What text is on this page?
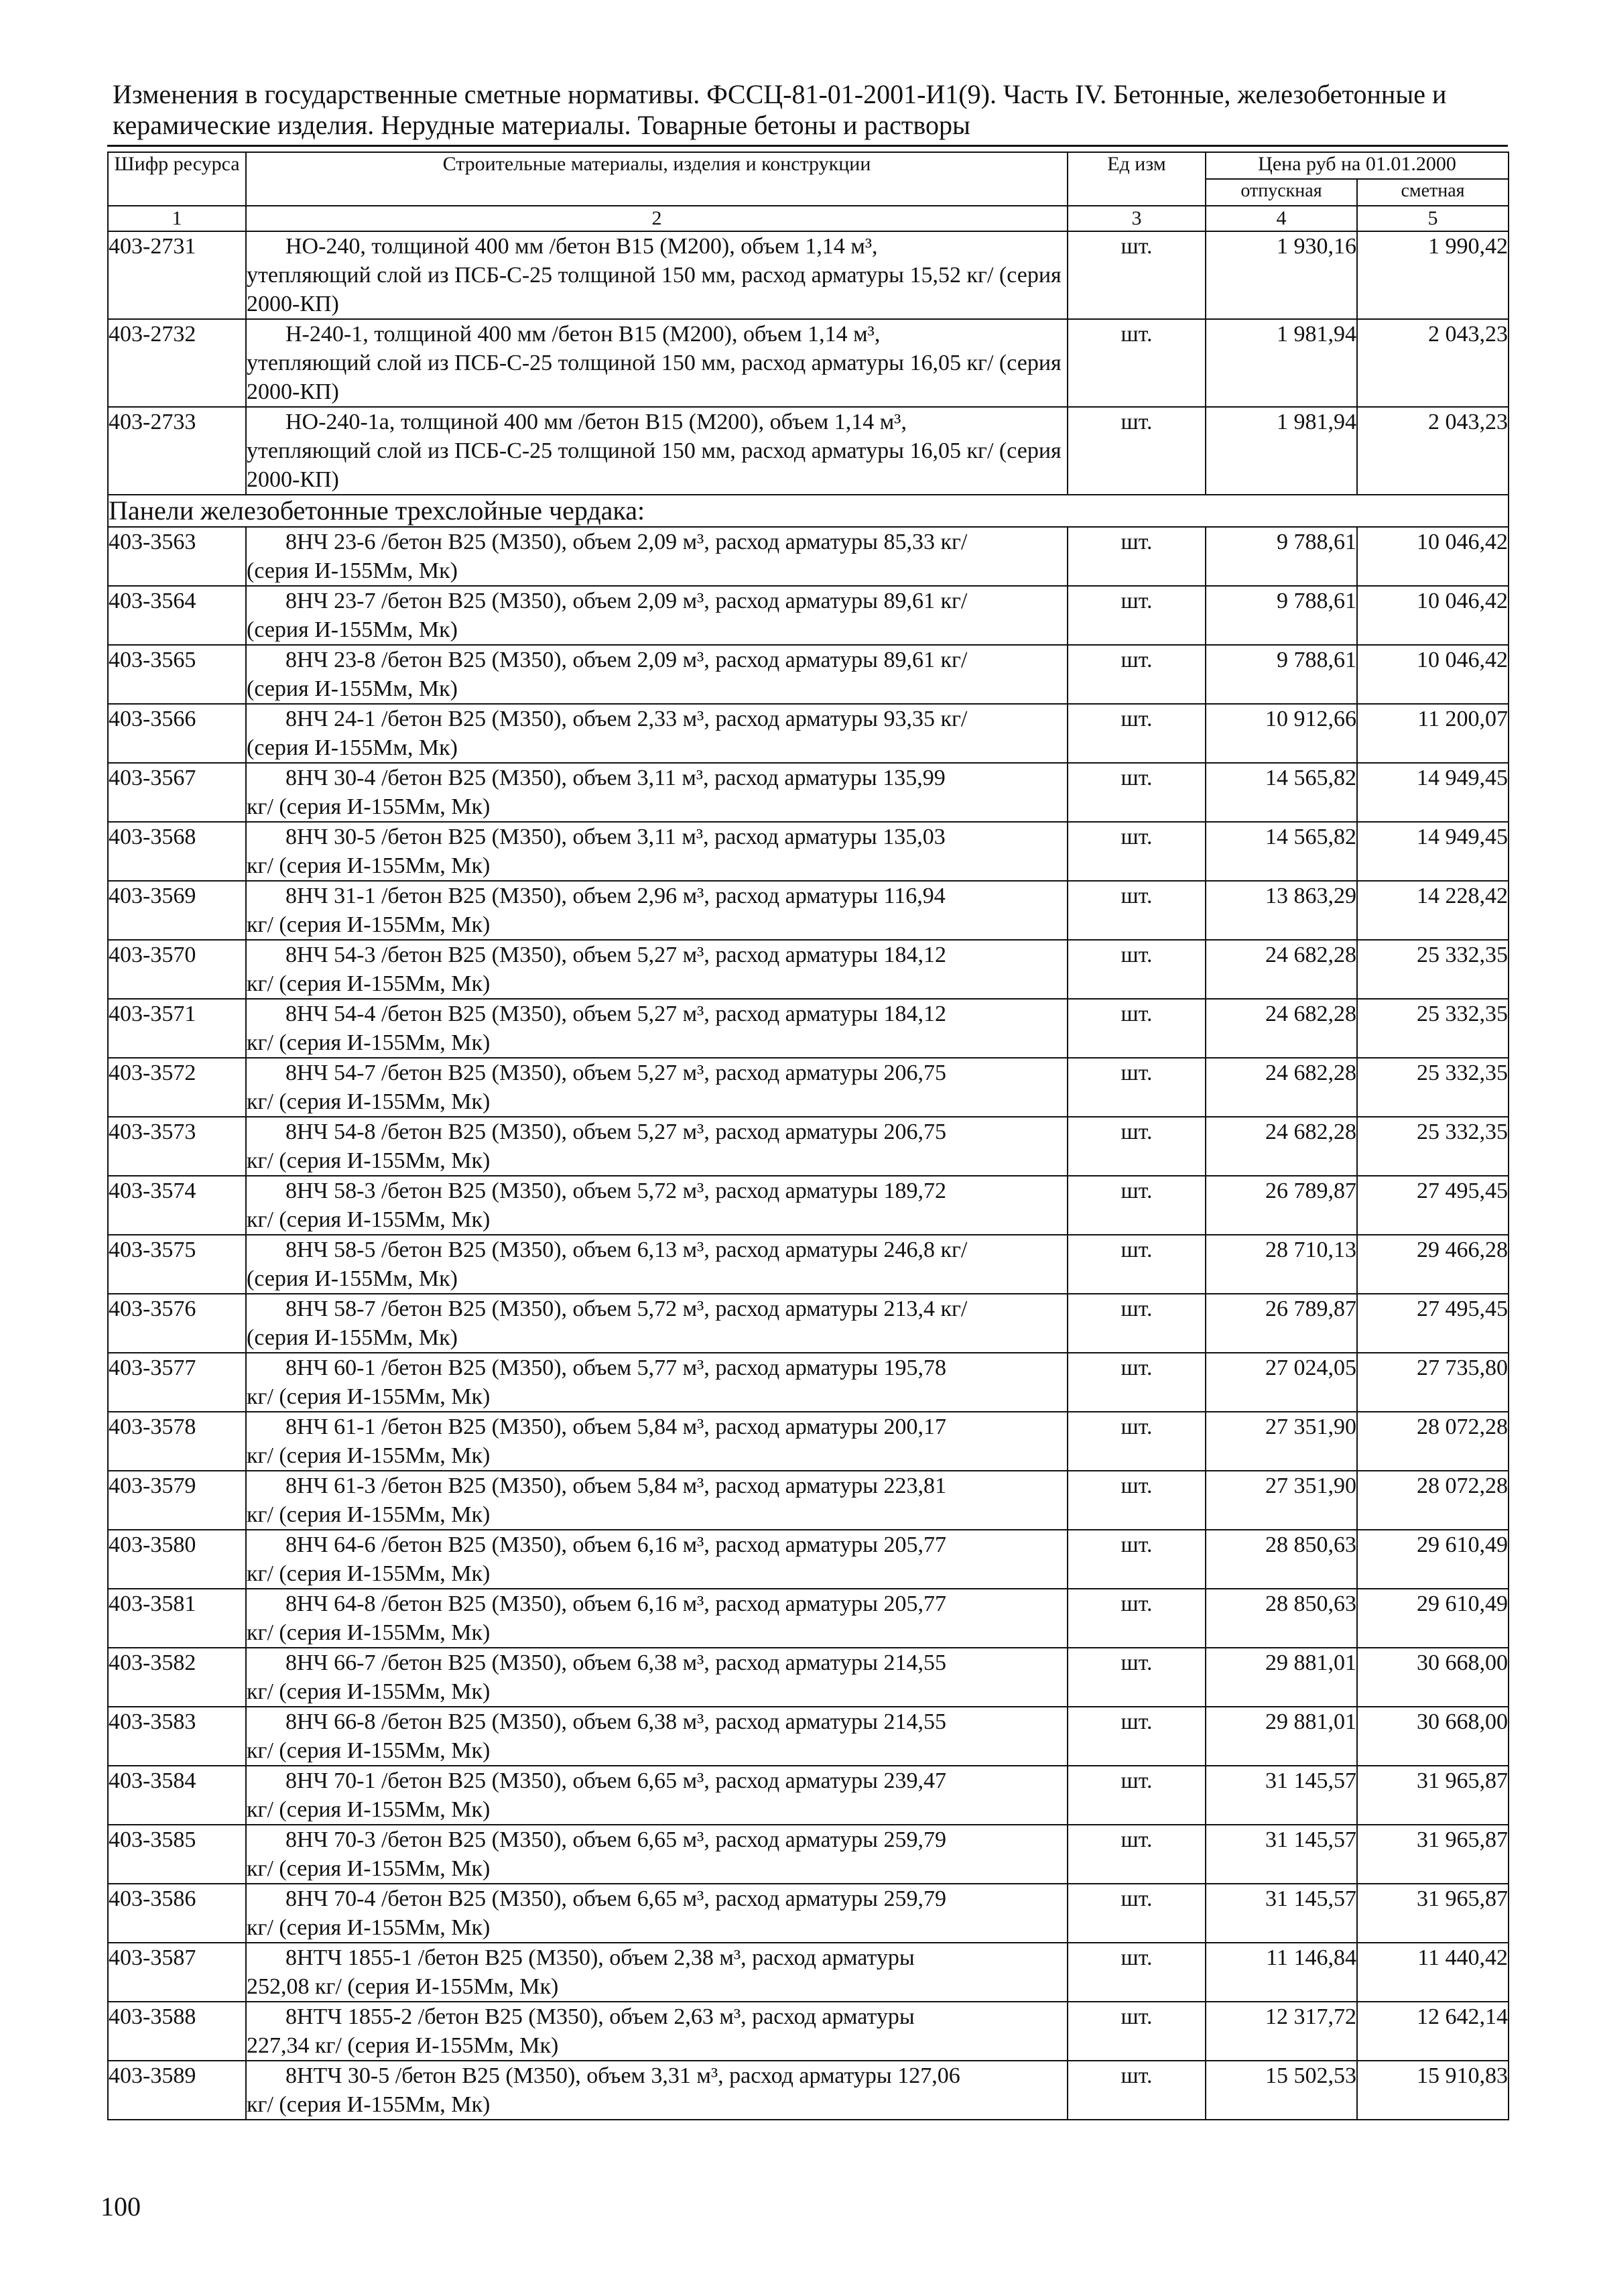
Изменения в государственные сметные нормативы. ФССЦ-81-01-2001-И1(9). Часть IV. Бетонные, железобетонные и керамические изделия. Нерудные материалы. Товарные бетоны и растворы
Шифр ресурса	Строительные материалы, изделия и конструкции	Ед изм	Цена руб на 01.01.2000	
			отпускная	сметная
1	2	3	4	5
403-2731	НО-240, толщиной 400 мм /бетон В15 (М200), объем 1,14 м³,
утепляющий слой из ПСБ-С-25 толщиной 150 мм, расход арматуры 15,52 кг/ (серия 2000-КП)	шт.	1 930,16	1 990,42
403-2732	Н-240-1, толщиной 400 мм /бетон В15 (М200), объем 1,14 м³,
утепляющий слой из ПСБ-С-25 толщиной 150 мм, расход арматуры 16,05 кг/ (серия 2000-КП)	шт.	1 981,94	2 043,23
403-2733	НО-240-1а, толщиной 400 мм /бетон В15 (М200), объем 1,14 м³,
утепляющий слой из ПСБ-С-25 толщиной 150 мм, расход арматуры 16,05 кг/ (серия 2000-КП)	шт.	1 981,94	2 043,23
Панели железобетонные трехслойные чердака:				
403-3563	8НЧ 23-6 /бетон В25 (М350), объем 2,09 м³, расход арматуры 85,33 кг/
(серия И-155Мм, Мк)	шт.	9 788,61	10 046,42
403-3564	8НЧ 23-7 /бетон В25 (М350), объем 2,09 м³, расход арматуры 89,61 кг/
(серия И-155Мм, Мк)	шт.	9 788,61	10 046,42
403-3565	8НЧ 23-8 /бетон В25 (М350), объем 2,09 м³, расход арматуры 89,61 кг/
(серия И-155Мм, Мк)	шт.	9 788,61	10 046,42
403-3566	8НЧ 24-1 /бетон В25 (М350), объем 2,33 м³, расход арматуры 93,35 кг/
(серия И-155Мм, Мк)	шт.	10 912,66	11 200,07
403-3567	8НЧ 30-4 /бетон В25 (М350), объем 3,11 м³, расход арматуры 135,99
кг/ (серия И-155Мм, Мк)	шт.	14 565,82	14 949,45
403-3568	8НЧ 30-5 /бетон В25 (М350), объем 3,11 м³, расход арматуры 135,03
кг/ (серия И-155Мм, Мк)	шт.	14 565,82	14 949,45
403-3569	8НЧ 31-1 /бетон В25 (М350), объем 2,96 м³, расход арматуры 116,94
кг/ (серия И-155Мм, Мк)	шт.	13 863,29	14 228,42
403-3570	8НЧ 54-3 /бетон В25 (М350), объем 5,27 м³, расход арматуры 184,12
кг/ (серия И-155Мм, Мк)	шт.	24 682,28	25 332,35
403-3571	8НЧ 54-4 /бетон В25 (М350), объем 5,27 м³, расход арматуры 184,12
кг/ (серия И-155Мм, Мк)	шт.	24 682,28	25 332,35
403-3572	8НЧ 54-7 /бетон В25 (М350), объем 5,27 м³, расход арматуры 206,75
кг/ (серия И-155Мм, Мк)	шт.	24 682,28	25 332,35
403-3573	8НЧ 54-8 /бетон В25 (М350), объем 5,27 м³, расход арматуры 206,75
кг/ (серия И-155Мм, Мк)	шт.	24 682,28	25 332,35
403-3574	8НЧ 58-3 /бетон В25 (М350), объем 5,72 м³, расход арматуры 189,72
кг/ (серия И-155Мм, Мк)	шт.	26 789,87	27 495,45
403-3575	8НЧ 58-5 /бетон В25 (М350), объем 6,13 м³, расход арматуры 246,8 кг/
(серия И-155Мм, Мк)	шт.	28 710,13	29 466,28
403-3576	8НЧ 58-7 /бетон В25 (М350), объем 5,72 м³, расход арматуры 213,4 кг/
(серия И-155Мм, Мк)	шт.	26 789,87	27 495,45
403-3577	8НЧ 60-1 /бетон В25 (М350), объем 5,77 м³, расход арматуры 195,78
кг/ (серия И-155Мм, Мк)	шт.	27 024,05	27 735,80
403-3578	8НЧ 61-1 /бетон В25 (М350), объем 5,84 м³, расход арматуры 200,17
кг/ (серия И-155Мм, Мк)	шт.	27 351,90	28 072,28
403-3579	8НЧ 61-3 /бетон В25 (М350), объем 5,84 м³, расход арматуры 223,81
кг/ (серия И-155Мм, Мк)	шт.	27 351,90	28 072,28
403-3580	8НЧ 64-6 /бетон В25 (М350), объем 6,16 м³, расход арматуры 205,77
кг/ (серия И-155Мм, Мк)	шт.	28 850,63	29 610,49
403-3581	8НЧ 64-8 /бетон В25 (М350), объем 6,16 м³, расход арматуры 205,77
кг/ (серия И-155Мм, Мк)	шт.	28 850,63	29 610,49
403-3582	8НЧ 66-7 /бетон В25 (М350), объем 6,38 м³, расход арматуры 214,55
кг/ (серия И-155Мм, Мк)	шт.	29 881,01	30 668,00
403-3583	8НЧ 66-8 /бетон В25 (М350), объем 6,38 м³, расход арматуры 214,55
кг/ (серия И-155Мм, Мк)	шт.	29 881,01	30 668,00
403-3584	8НЧ 70-1 /бетон В25 (М350), объем 6,65 м³, расход арматуры 239,47
кг/ (серия И-155Мм, Мк)	шт.	31 145,57	31 965,87
403-3585	8НЧ 70-3 /бетон В25 (М350), объем 6,65 м³, расход арматуры 259,79
кг/ (серия И-155Мм, Мк)	шт.	31 145,57	31 965,87
403-3586	8НЧ 70-4 /бетон В25 (М350), объем 6,65 м³, расход арматуры 259,79
кг/ (серия И-155Мм, Мк)	шт.	31 145,57	31 965,87
403-3587	8НТЧ 1855-1 /бетон В25 (М350), объем 2,38 м³, расход арматуры
252,08 кг/ (серия И-155Мм, Мк)	шт.	11 146,84	11 440,42
403-3588	8НТЧ 1855-2 /бетон В25 (М350), объем 2,63 м³, расход арматуры
227,34 кг/ (серия И-155Мм, Мк)	шт.	12 317,72	12 642,14
403-3589	8НТЧ 30-5 /бетон В25 (М350), объем 3,31 м³, расход арматуры 127,06
кг/ (серия И-155Мм, Мк)	шт.	15 502,53	15 910,83
100
